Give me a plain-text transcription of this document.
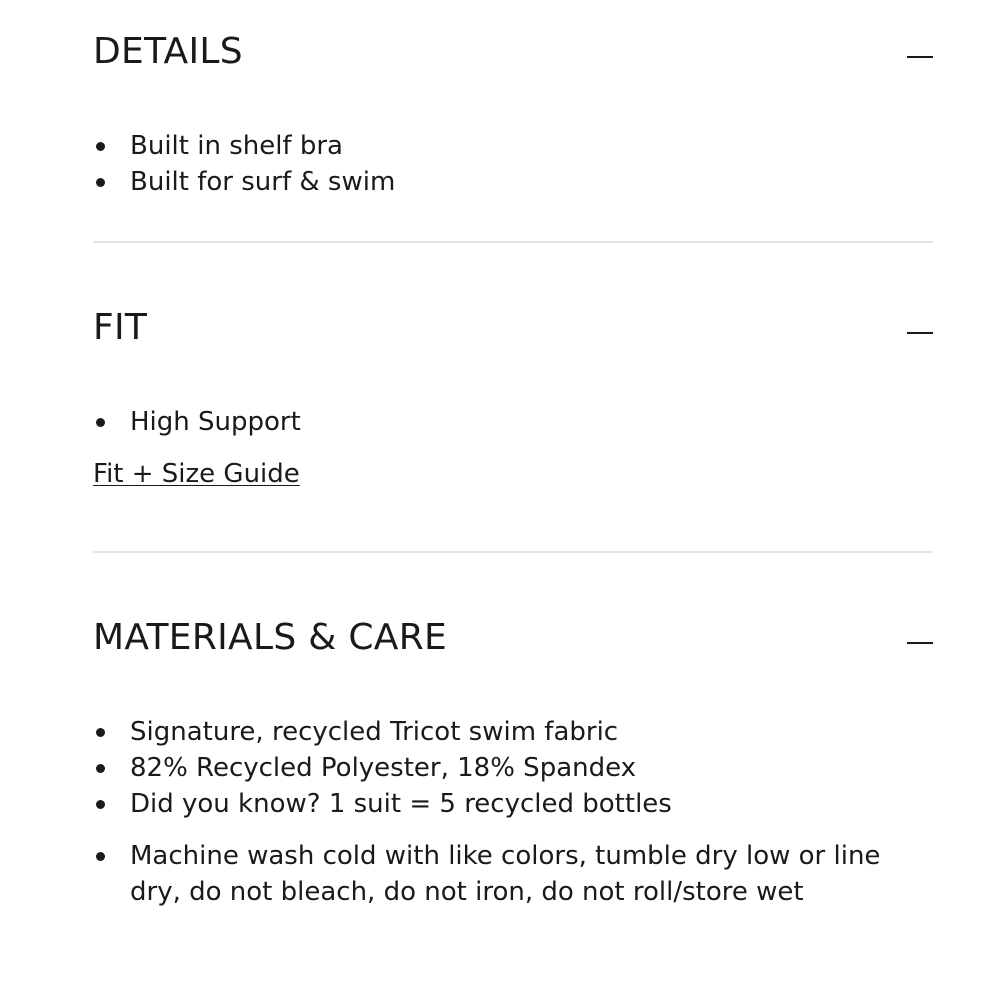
DETAILS
Built in shelf bra
Built for surf & swim
FIT
High Support
Fit + Size Guide
MATERIALS & CARE
Signature, recycled Tricot swim fabric
82% Recycled Polyester, 18% Spandex
Did you know? 1 suit = 5 recycled bottles
Machine wash cold with like colors, tumble dry low or line dry, do not bleach, do not iron, do not roll/store wet
